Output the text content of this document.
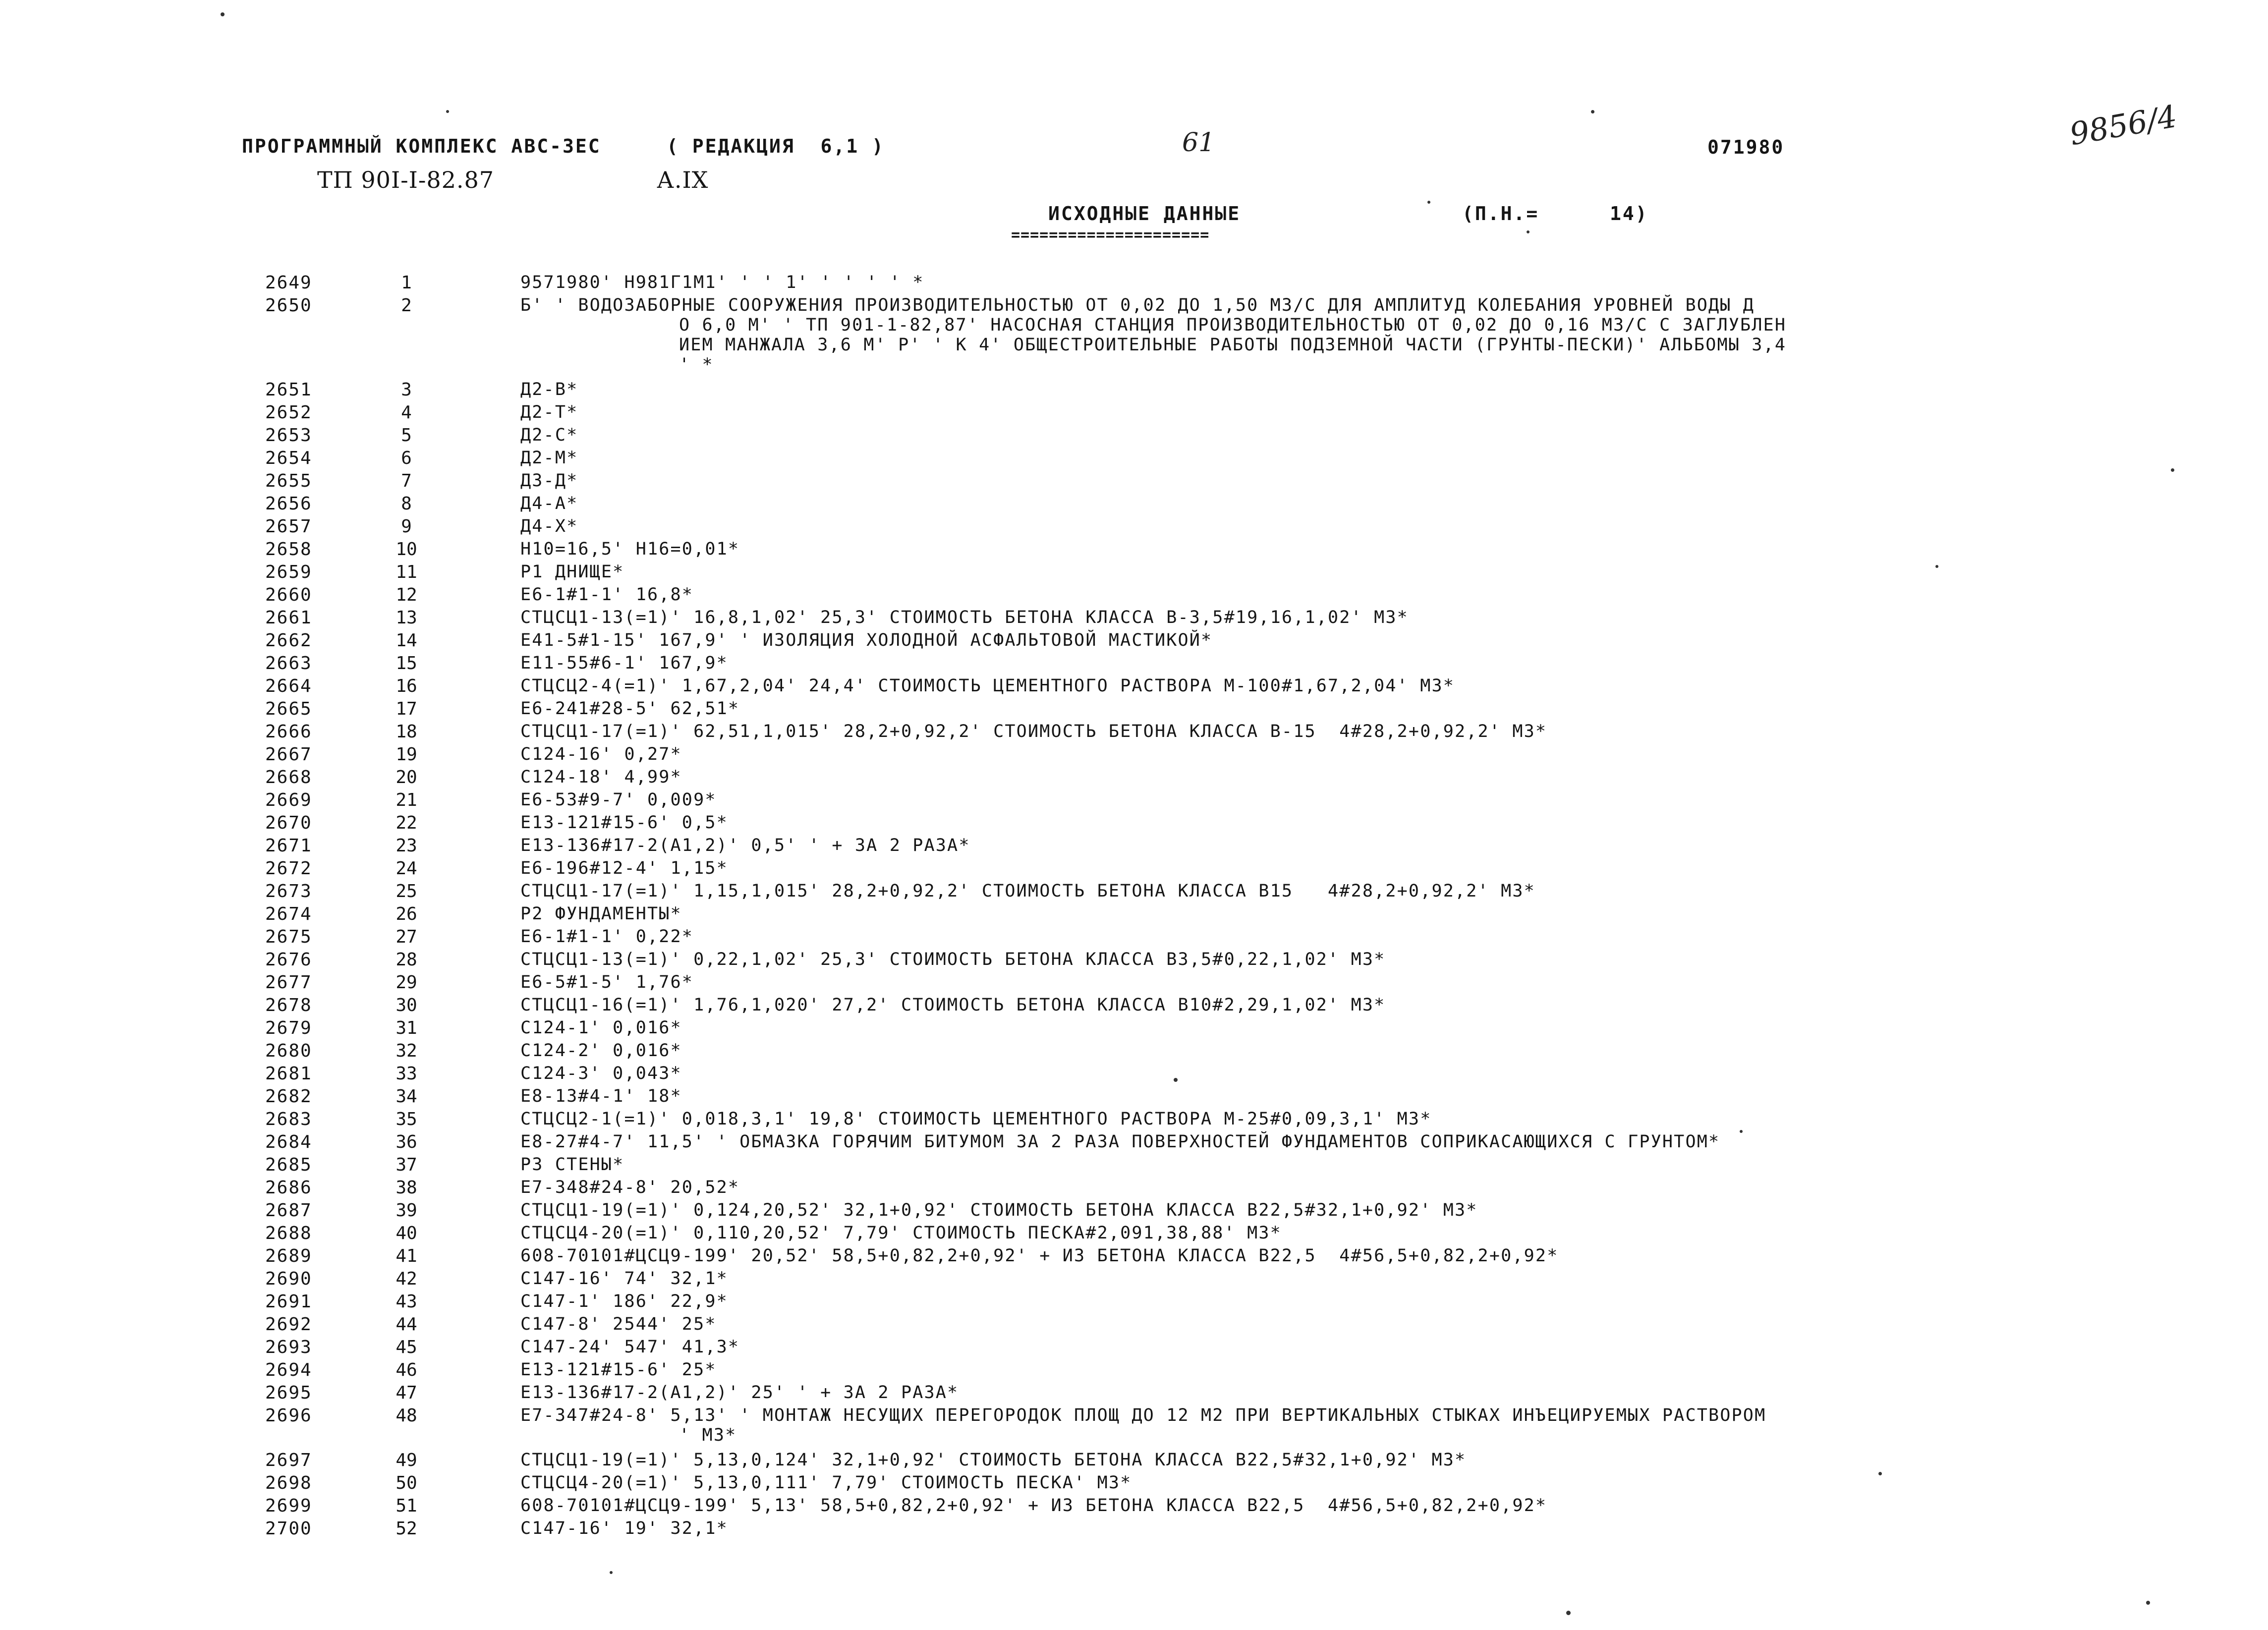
ПРОГРАММНЫЙ КОМПЛЕКС АВС-3ЕС	( РЕДАКЦИЯ  6,1 )	61	071980	9856/4
ТП 90I-I-82.87	А.IX
ИСХОДНЫЕ ДАННЫЕ
=====================
(П.Н.=	14)
2649	1	9571980' Н981Г1М1' ' ' 1' ' ' ' ' *
2650	2	Б' ' ВОДОЗАБОРНЫЕ СООРУЖЕНИЯ ПРОИЗВОДИТЕЛЬНОСТЬЮ ОТ 0,02 ДО 1,50 М3/С ДЛЯ АМПЛИТУД КОЛЕБАНИЯ УРОВНЕЙ ВОДЫ Д
О 6,0 М' ' ТП 901-1-82,87' НАСОСНАЯ СТАНЦИЯ ПРОИЗВОДИТЕЛЬНОСТЬЮ ОТ 0,02 ДО 0,16 М3/С С ЗАГЛУБЛЕН
ИЕМ МАНЖАЛА 3,6 М' Р' ' К 4' ОБЩЕСТРОИТЕЛЬНЫЕ РАБОТЫ ПОДЗЕМНОЙ ЧАСТИ (ГРУНТЫ-ПЕСКИ)' АЛЬБОМЫ 3,4
' *
2651	3	Д2-В*
2652	4	Д2-Т*
2653	5	Д2-С*
2654	6	Д2-М*
2655	7	Д3-Д*
2656	8	Д4-А*
2657	9	Д4-Х*
2658	10	Н10=16,5' Н16=0,01*
2659	11	Р1 ДНИЩЕ*
2660	12	Е6-1#1-1' 16,8*
2661	13	СТЦСЦ1-13(=1)' 16,8,1,02' 25,3' СТОИМОСТЬ БЕТОНА КЛАССА В-3,5#19,16,1,02' М3*
2662	14	Е41-5#1-15' 167,9' ' ИЗОЛЯЦИЯ ХОЛОДНОЙ АСФАЛЬТОВОЙ МАСТИКОЙ*
2663	15	Е11-55#6-1' 167,9*
2664	16	СТЦСЦ2-4(=1)' 1,67,2,04' 24,4' СТОИМОСТЬ ЦЕМЕНТНОГО РАСТВОРА М-100#1,67,2,04' М3*
2665	17	Е6-241#28-5' 62,51*
2666	18	СТЦСЦ1-17(=1)' 62,51,1,015' 28,2+0,92,2' СТОИМОСТЬ БЕТОНА КЛАССА В-15  4#28,2+0,92,2' М3*
2667	19	С124-16' 0,27*
2668	20	С124-18' 4,99*
2669	21	Е6-53#9-7' 0,009*
2670	22	Е13-121#15-6' 0,5*
2671	23	Е13-136#17-2(А1,2)' 0,5' ' + ЗА 2 РАЗА*
2672	24	Е6-196#12-4' 1,15*
2673	25	СТЦСЦ1-17(=1)' 1,15,1,015' 28,2+0,92,2' СТОИМОСТЬ БЕТОНА КЛАССА В15   4#28,2+0,92,2' М3*
2674	26	Р2 ФУНДАМЕНТЫ*
2675	27	Е6-1#1-1' 0,22*
2676	28	СТЦСЦ1-13(=1)' 0,22,1,02' 25,3' СТОИМОСТЬ БЕТОНА КЛАССА В3,5#0,22,1,02' М3*
2677	29	Е6-5#1-5' 1,76*
2678	30	СТЦСЦ1-16(=1)' 1,76,1,020' 27,2' СТОИМОСТЬ БЕТОНА КЛАССА В10#2,29,1,02' М3*
2679	31	С124-1' 0,016*
2680	32	С124-2' 0,016*
2681	33	С124-3' 0,043*
2682	34	Е8-13#4-1' 18*
2683	35	СТЦСЦ2-1(=1)' 0,018,3,1' 19,8' СТОИМОСТЬ ЦЕМЕНТНОГО РАСТВОРА М-25#0,09,3,1' М3*
2684	36	Е8-27#4-7' 11,5' ' ОБМАЗКА ГОРЯЧИМ БИТУМОМ ЗА 2 РАЗА ПОВЕРХНОСТЕЙ ФУНДАМЕНТОВ СОПРИКАСАЮЩИХСЯ С ГРУНТОМ*
2685	37	Р3 СТЕНЫ*
2686	38	Е7-348#24-8' 20,52*
2687	39	СТЦСЦ1-19(=1)' 0,124,20,52' 32,1+0,92' СТОИМОСТЬ БЕТОНА КЛАССА В22,5#32,1+0,92' М3*
2688	40	СТЦСЦ4-20(=1)' 0,110,20,52' 7,79' СТОИМОСТЬ ПЕСКА#2,091,38,88' М3*
2689	41	608-70101#ЦСЦ9-199' 20,52' 58,5+0,82,2+0,92' + ИЗ БЕТОНА КЛАССА В22,5  4#56,5+0,82,2+0,92*
2690	42	С147-16' 74' 32,1*
2691	43	С147-1' 186' 22,9*
2692	44	С147-8' 2544' 25*
2693	45	С147-24' 547' 41,3*
2694	46	Е13-121#15-6' 25*
2695	47	Е13-136#17-2(А1,2)' 25' ' + ЗА 2 РАЗА*
2696	48	Е7-347#24-8' 5,13' ' МОНТАЖ НЕСУЩИХ ПЕРЕГОРОДОК ПЛОЩ ДО 12 М2 ПРИ ВЕРТИКАЛЬНЫХ СТЫКАХ ИНЪЕЦИРУЕМЫХ РАСТВОРОМ
' М3*
2697	49	СТЦСЦ1-19(=1)' 5,13,0,124' 32,1+0,92' СТОИМОСТЬ БЕТОНА КЛАССА В22,5#32,1+0,92' М3*
2698	50	СТЦСЦ4-20(=1)' 5,13,0,111' 7,79' СТОИМОСТЬ ПЕСКА' М3*
2699	51	608-70101#ЦСЦ9-199' 5,13' 58,5+0,82,2+0,92' + ИЗ БЕТОНА КЛАССА В22,5  4#56,5+0,82,2+0,92*
2700	52	С147-16' 19' 32,1*
